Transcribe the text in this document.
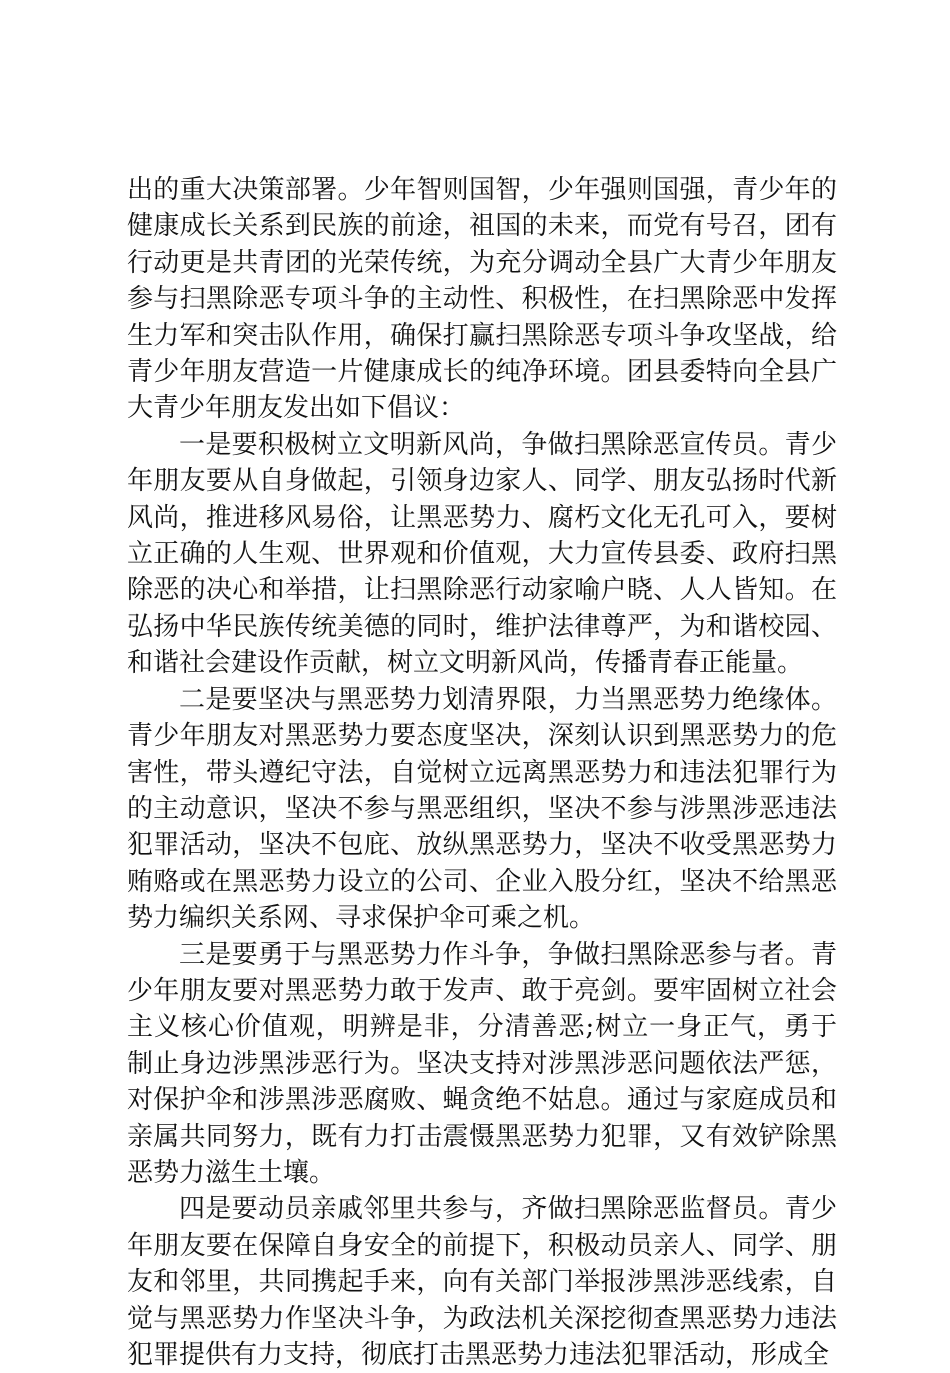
出的重大决策部署。少年智则国智，少年强则国强，青少年的健康成长关系到民族的前途，祖国的未来，而党有号召，团有行动更是共青团的光荣传统，为充分调动全县广大青少年朋友参与扫黑除恶专项斗争的主动性、积极性，在扫黑除恶中发挥生力军和突击队作用，确保打赢扫黑除恶专项斗争攻坚战，给青少年朋友营造一片健康成长的纯净环境。团县委特向全县广大青少年朋友发出如下倡议：

一是要积极树立文明新风尚，争做扫黑除恶宣传员。青少年朋友要从自身做起，引领身边家人、同学、朋友弘扬时代新风尚，推进移风易俗，让黑恶势力、腐朽文化无孔可入，要树立正确的人生观、世界观和价值观，大力宣传县委、政府扫黑除恶的决心和举措，让扫黑除恶行动家喻户晓、人人皆知。在弘扬中华民族传统美德的同时，维护法律尊严，为和谐校园、和谐社会建设作贡献，树立文明新风尚，传播青春正能量。

二是要坚决与黑恶势力划清界限，力当黑恶势力绝缘体。青少年朋友对黑恶势力要态度坚决，深刻认识到黑恶势力的危害性，带头遵纪守法，自觉树立远离黑恶势力和违法犯罪行为的主动意识，坚决不参与黑恶组织，坚决不参与涉黑涉恶违法犯罪活动，坚决不包庇、放纵黑恶势力，坚决不收受黑恶势力贿赂或在黑恶势力设立的公司、企业入股分红，坚决不给黑恶势力编织关系网、寻求保护伞可乘之机。

三是要勇于与黑恶势力作斗争，争做扫黑除恶参与者。青少年朋友要对黑恶势力敢于发声、敢于亮剑。要牢固树立社会主义核心价值观，明辨是非，分清善恶;树立一身正气，勇于制止身边涉黑涉恶行为。坚决支持对涉黑涉恶问题依法严惩，对保护伞和涉黑涉恶腐败、蝇贪绝不姑息。通过与家庭成员和亲属共同努力，既有力打击震慑黑恶势力犯罪，又有效铲除黑恶势力滋生土壤。

四是要动员亲戚邻里共参与，齐做扫黑除恶监督员。青少年朋友要在保障自身安全的前提下，积极动员亲人、同学、朋友和邻里，共同携起手来，向有关部门举报涉黑涉恶线索，自觉与黑恶势力作坚决斗争，为政法机关深挖彻查黑恶势力违法犯罪提供有力支持，彻底打击黑恶势力违法犯罪活动，形成全
